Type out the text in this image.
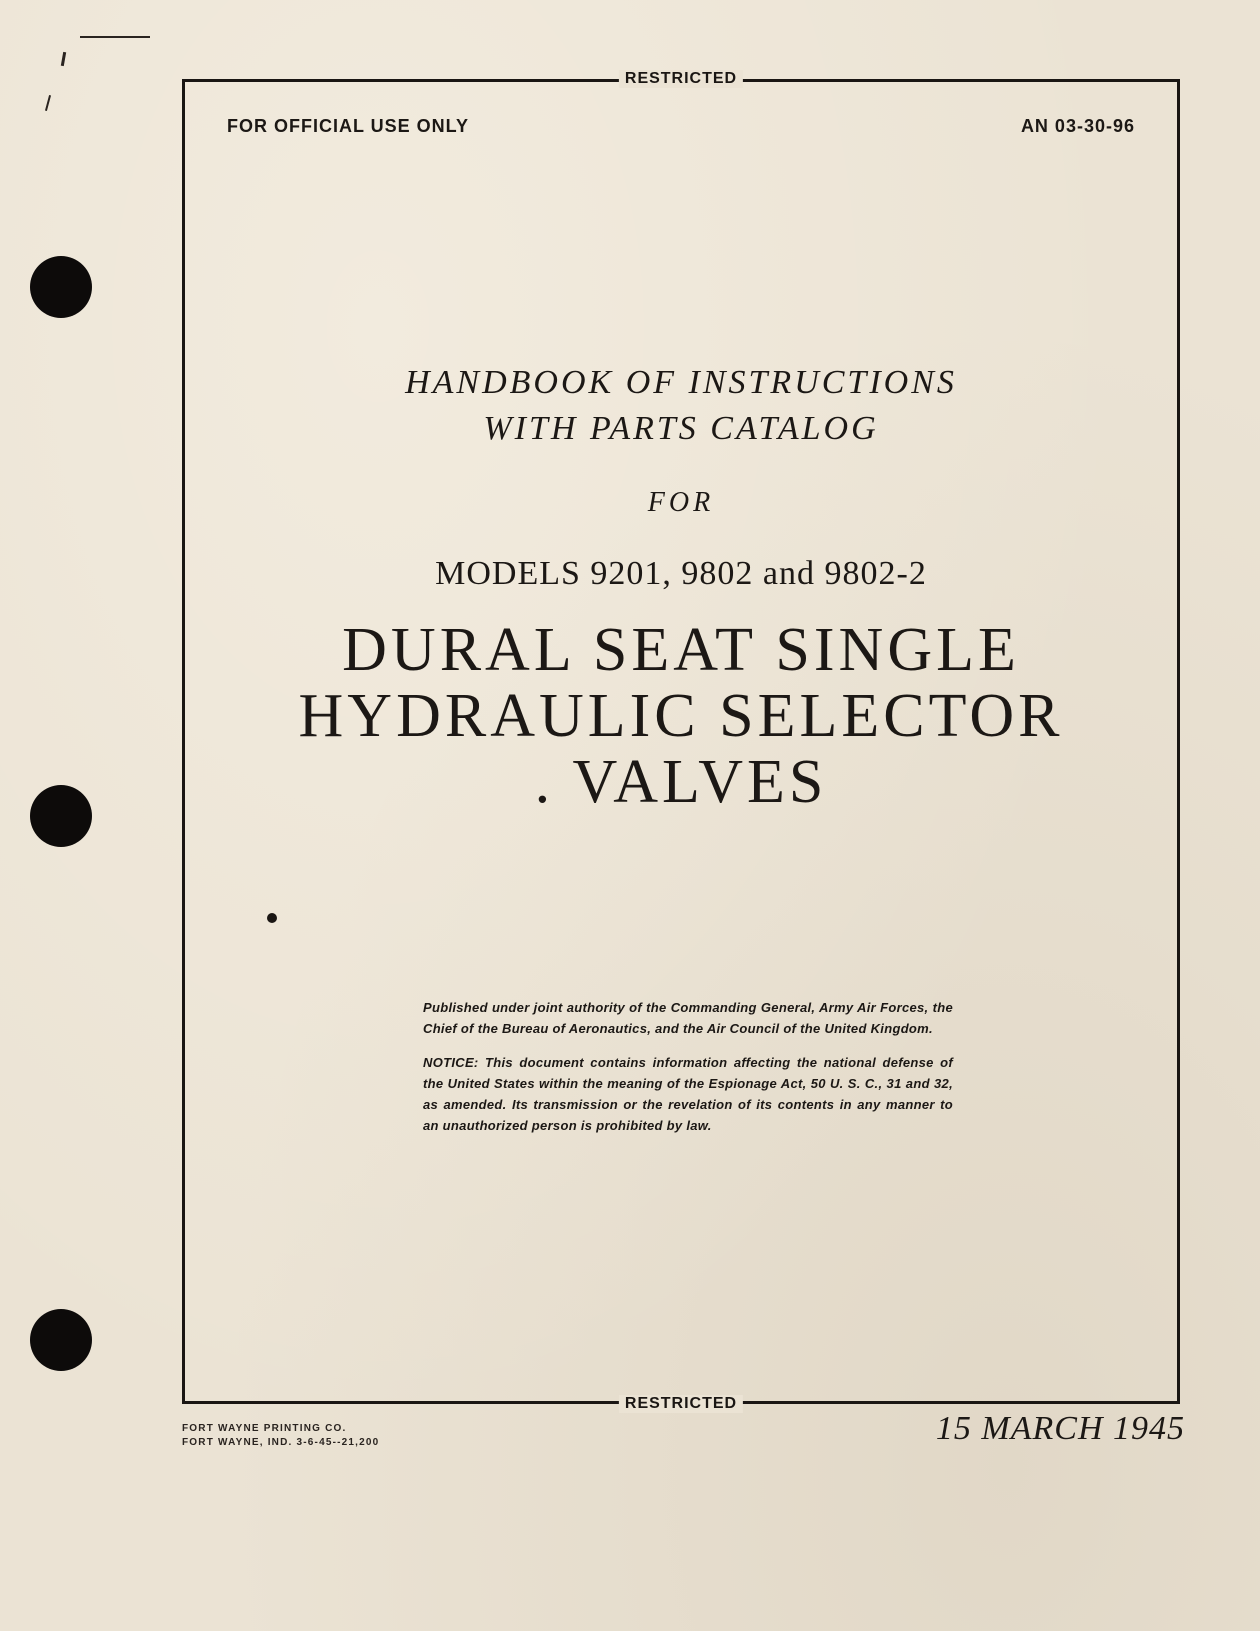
RESTRICTED
FOR OFFICIAL USE ONLY	AN 03-30-96
HANDBOOK OF INSTRUCTIONS
WITH PARTS CATALOG
FOR
MODELS 9201, 9802 and 9802-2
DURAL SEAT SINGLE
HYDRAULIC SELECTOR
. VALVES

Published under joint authority of the Commanding General, Army Air Forces, the Chief of the Bureau of Aeronautics, and the Air Council of the United Kingdom.

NOTICE: This document contains information affecting the national defense of the United States within the meaning of the Espionage Act, 50 U. S. C., 31 and 32, as amended. Its transmission or the revelation of its contents in any manner to an unauthorized person is prohibited by law.

RESTRICTED
FORT WAYNE PRINTING CO.
FORT WAYNE, IND. 3-6-45--21,200	15 MARCH 1945
